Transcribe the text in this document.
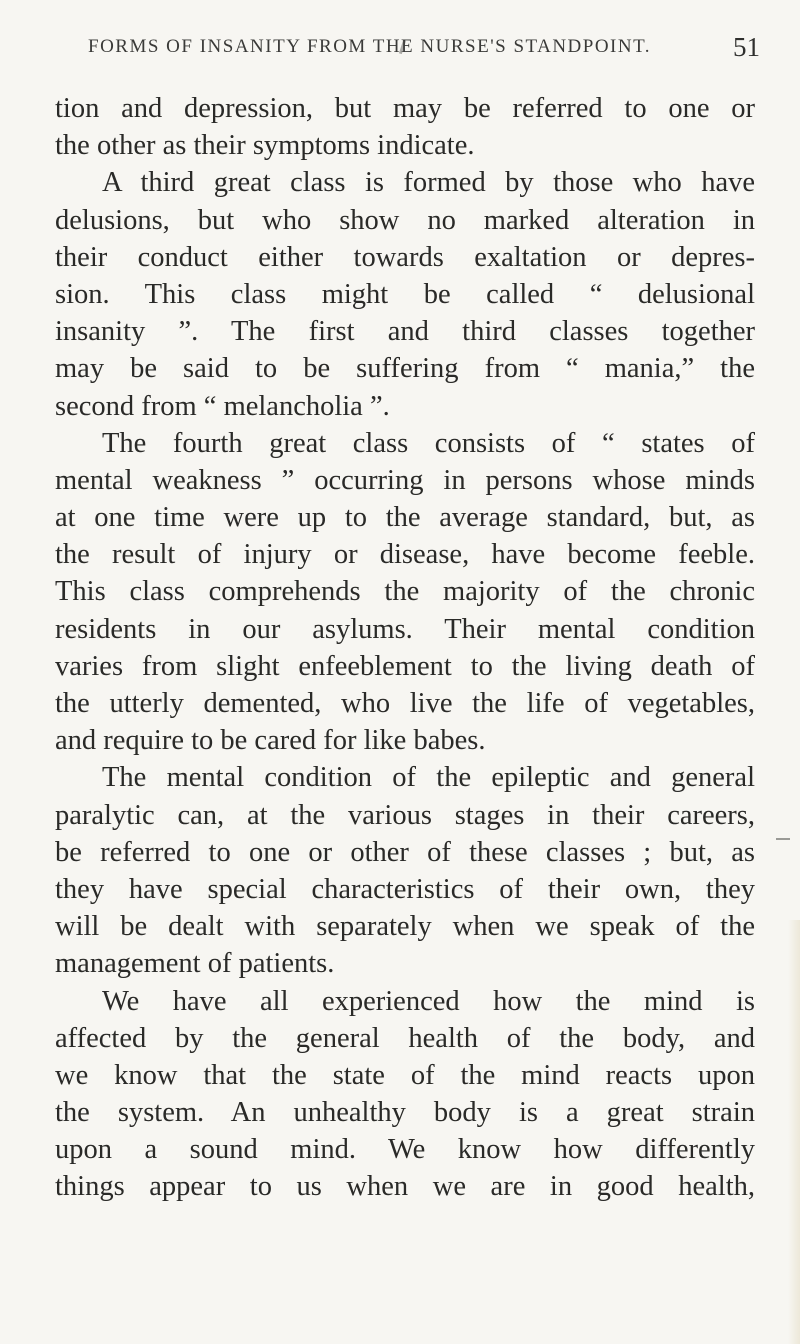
FORMS OF INSANITY FROM THE NURSE'S STANDPOINT.	51
tion and depression, but may be referred to one or
the other as their symptoms indicate.
A third great class is formed by those who have
delusions, but who show no marked alteration in
their conduct either towards exaltation or depres-
sion. This class might be called “ delusional
insanity ”. The first and third classes together
may be said to be suffering from “ mania,” the
second from “ melancholia ”.
The fourth great class consists of “ states of
mental weakness ” occurring in persons whose minds
at one time were up to the average standard, but, as
the result of injury or disease, have become feeble.
This class comprehends the majority of the chronic
residents in our asylums. Their mental condition
varies from slight enfeeblement to the living death of
the utterly demented, who live the life of vegetables,
and require to be cared for like babes.
The mental condition of the epileptic and general
paralytic can, at the various stages in their careers,
be referred to one or other of these classes ; but, as
they have special characteristics of their own, they
will be dealt with separately when we speak of the
management of patients.
We have all experienced how the mind is
affected by the general health of the body, and
we know that the state of the mind reacts upon
the system. An unhealthy body is a great strain
upon a sound mind. We know how differently
things appear to us when we are in good health,
